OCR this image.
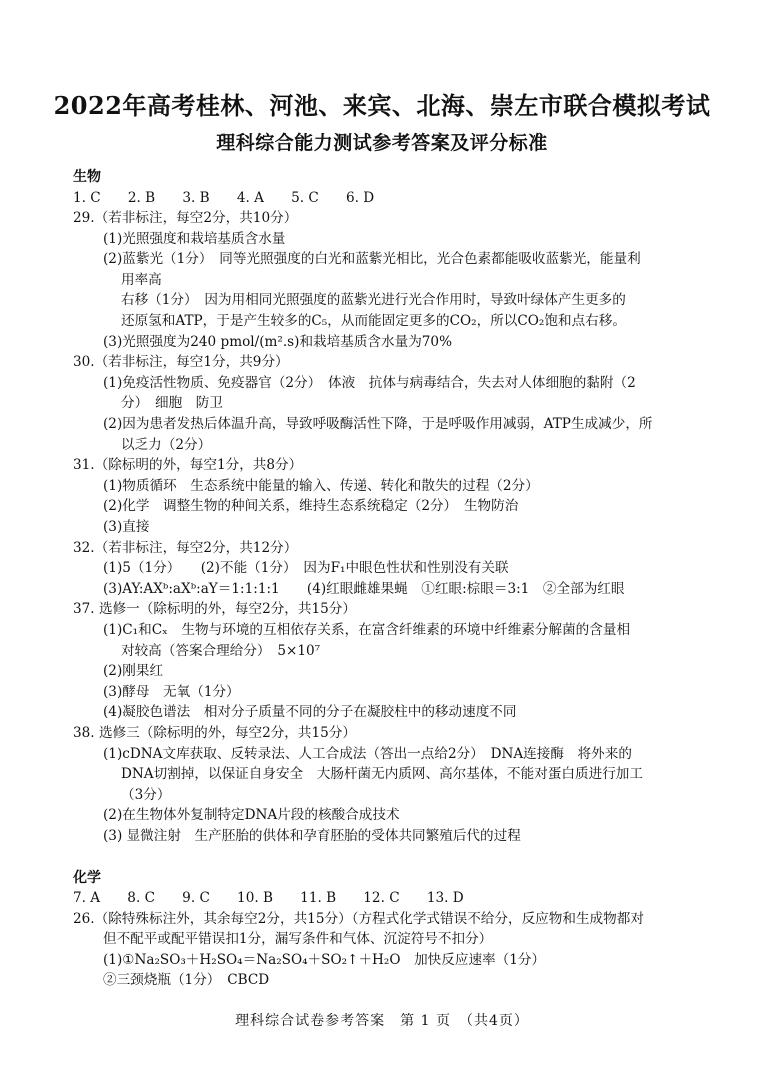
2022年高考桂林、河池、来宾、北海、崇左市联合模拟考试
理科综合能力测试参考答案及评分标准
生物
1. C　　2. B　　3. B　　4. A　　5. C　　6. D
29.（若非标注，每空2分，共10分）
(1)光照强度和栽培基质含水量
(2)蓝紫光（1分）　同等光照强度的白光和蓝紫光相比，光合色素都能吸收蓝紫光，能量利
用率高
右移（1分）　因为用相同光照强度的蓝紫光进行光合作用时，导致叶绿体产生更多的
还原氢和ATP，于是产生较多的C₅，从而能固定更多的CO₂，所以CO₂饱和点右移。
(3)光照强度为240 pmol/(m².s)和栽培基质含水量为70%
30.（若非标注，每空1分，共9分）
(1)免疫活性物质、免疫器官（2分）　体液　抗体与病毒结合，失去对人体细胞的黏附（2
分）　细胞　防卫
(2)因为患者发热后体温升高，导致呼吸酶活性下降，于是呼吸作用减弱，ATP生成减少，所
以乏力（2分）
31.（除标明的外，每空1分，共8分）
(1)物质循环　生态系统中能量的输入、传递、转化和散失的过程（2分）
(2)化学　调整生物的种间关系，维持生态系统稳定（2分）　生物防治
(3)直接
32.（若非标注，每空2分，共12分）
(1)5（1分）　　(2)不能（1分）　因为F₁中眼色性状和性别没有关联
(3)AY:AXᵇ:aXᵇ:aY＝1:1:1:1　　(4)红眼雌雄果蝇　①红眼:棕眼＝3:1　②全部为红眼
37. 选修一（除标明的外，每空2分，共15分）
(1)C₁和Cₓ　生物与环境的互相依存关系，在富含纤维素的环境中纤维素分解菌的含量相
对较高（答案合理给分）　5×10⁷
(2)刚果红
(3)酵母　无氧（1分）
(4)凝胶色谱法　相对分子质量不同的分子在凝胶柱中的移动速度不同
38. 选修三（除标明的外，每空2分，共15分）
(1)cDNA文库获取、反转录法、人工合成法（答出一点给2分）　DNA连接酶　将外来的
DNA切割掉，以保证自身安全　大肠杆菌无内质网、高尔基体，不能对蛋白质进行加工
（3分）
(2)在生物体外复制特定DNA片段的核酸合成技术
(3) 显微注射　生产胚胎的供体和孕育胚胎的受体共同繁殖后代的过程
化学
7. A　　8. C　　9. C　　10. B　　11. B　　12. C　　13. D
26.（除特殊标注外，其余每空2分，共15分）（方程式化学式错误不给分，反应物和生成物都对
但不配平或配平错误扣1分，漏写条件和气体、沉淀符号不扣分）
(1)①Na₂SO₃＋H₂SO₄＝Na₂SO₄＋SO₂↑＋H₂O　加快反应速率（1分）
②三颈烧瓶（1分）　CBCD
理科综合试卷参考答案　第 1 页　（共4页）
